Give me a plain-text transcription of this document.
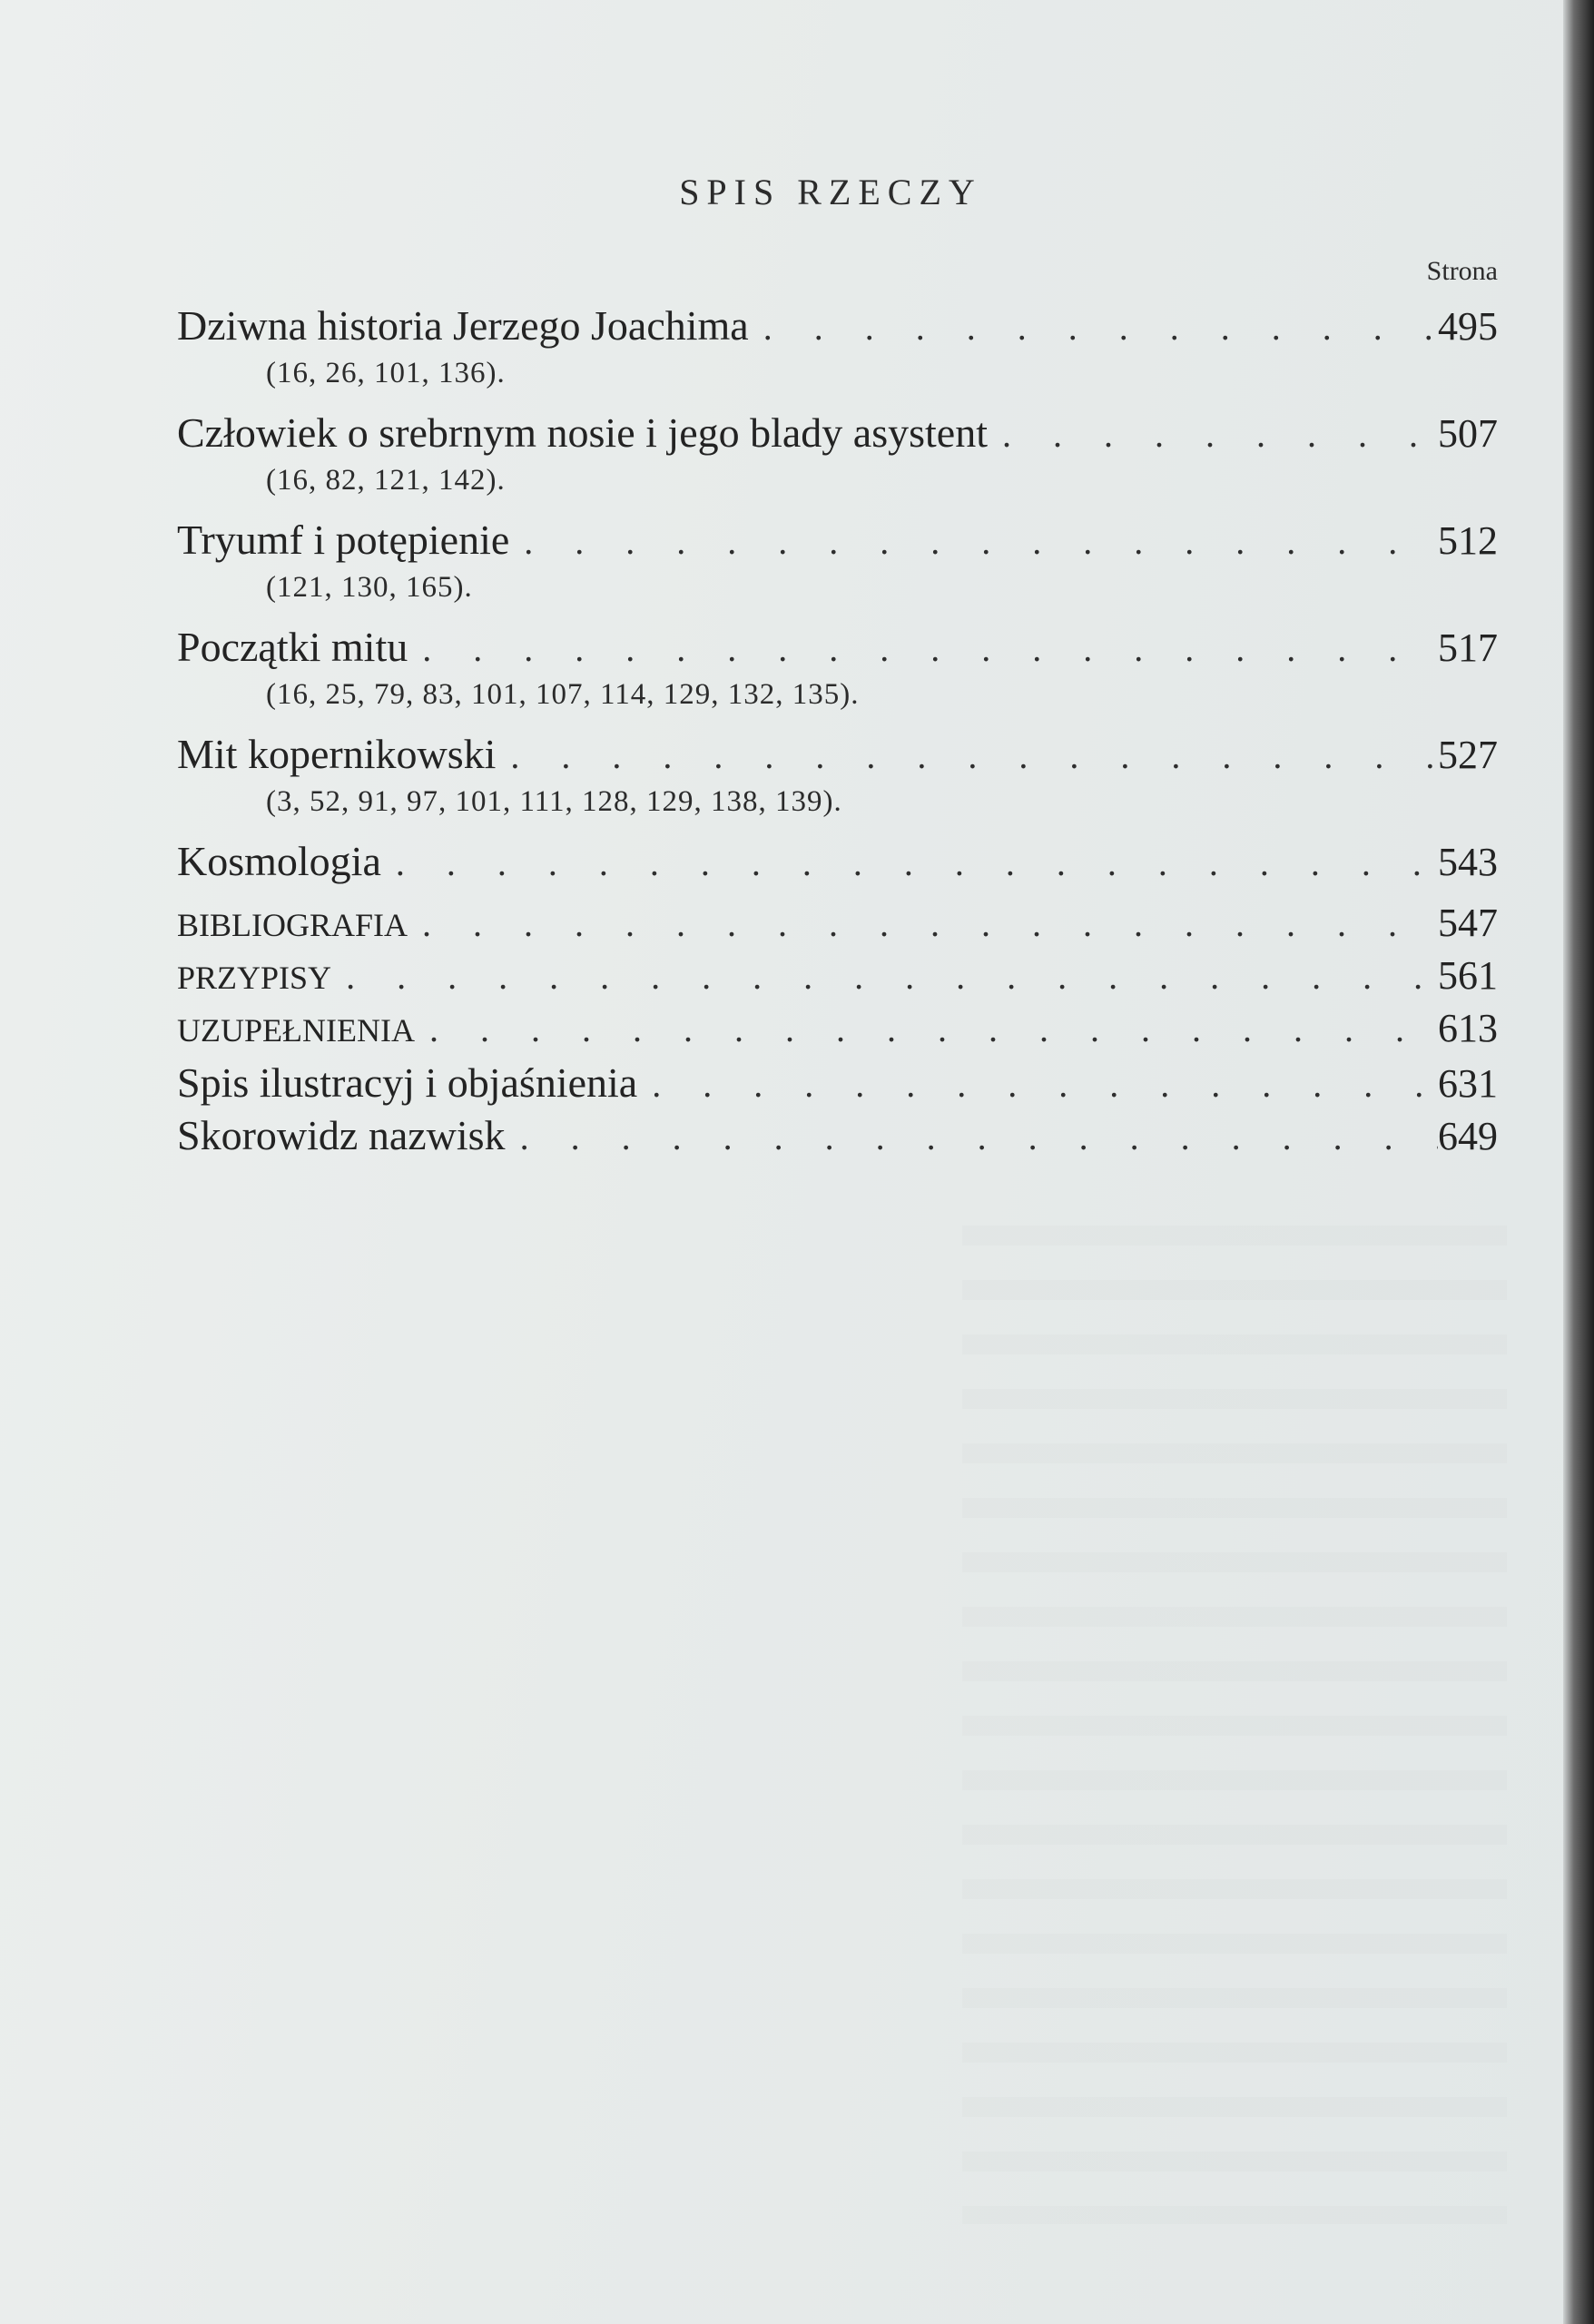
SPIS RZECZY
Strona
Dziwna historia Jerzego Joachima . . .	495
(16, 26, 101, 136).
Człowiek o srebrnym nosie i jego blady asystent . . .	507
(16, 82, 121, 142).
Tryumf i potępienie . . .	512
(121, 130, 165).
Początki mitu . . .	517
(16, 25, 79, 83, 101, 107, 114, 129, 132, 135).
Mit kopernikowski . . .	527
(3, 52, 91, 97, 101, 111, 128, 129, 138, 139).
Kosmologia . . .	543
BIBLIOGRAFIA . . .	547
PRZYPISY . . .	561
UZUPEŁNIENIA . . .	613
Spis ilustracyj i objaśnienia . . .	631
Skorowidz nazwisk . . .	649
